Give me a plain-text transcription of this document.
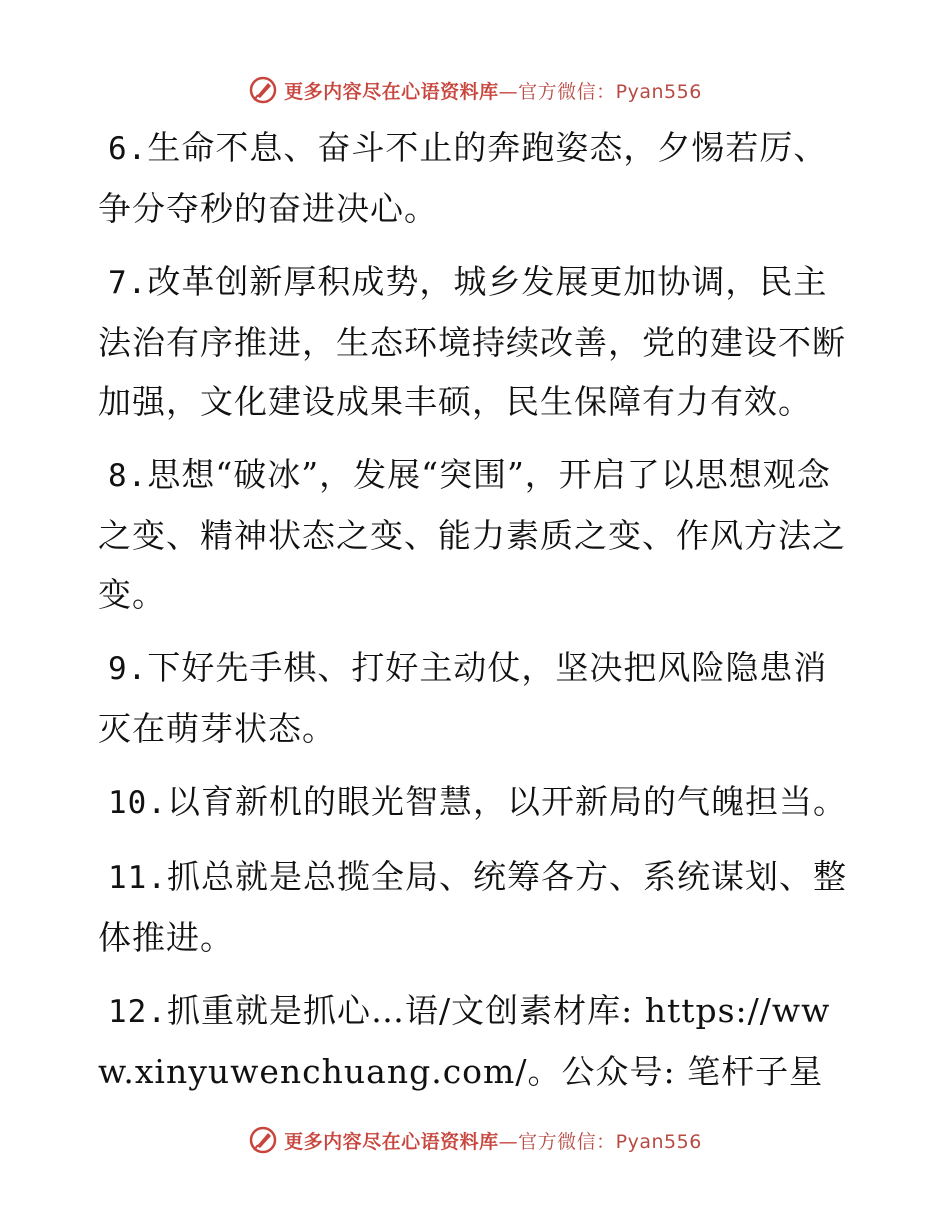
更多内容尽在心语资料库—官方微信：Pyan556

6.生命不息、奋斗不止的奔跑姿态，夕惕若厉、争分夺秒的奋进决心。

7.改革创新厚积成势，城乡发展更加协调，民主法治有序推进，生态环境持续改善，党的建设不断加强，文化建设成果丰硕，民生保障有力有效。

8.思想“破冰”，发展“突围”，开启了以思想观念之变、精神状态之变、能力素质之变、作风方法之变。

9.下好先手棋、打好主动仗，坚决把风险隐患消灭在萌芽状态。

10.以育新机的眼光智慧，以开新局的气魄担当。

11.抓总就是总揽全局、统筹各方、系统谋划、整体推进。

12.抓重就是抓心…语/文创素材库: https://www.xinyuwenchuang.com/。公众号: 笔杆子星

更多内容尽在心语资料库—官方微信：Pyan556
